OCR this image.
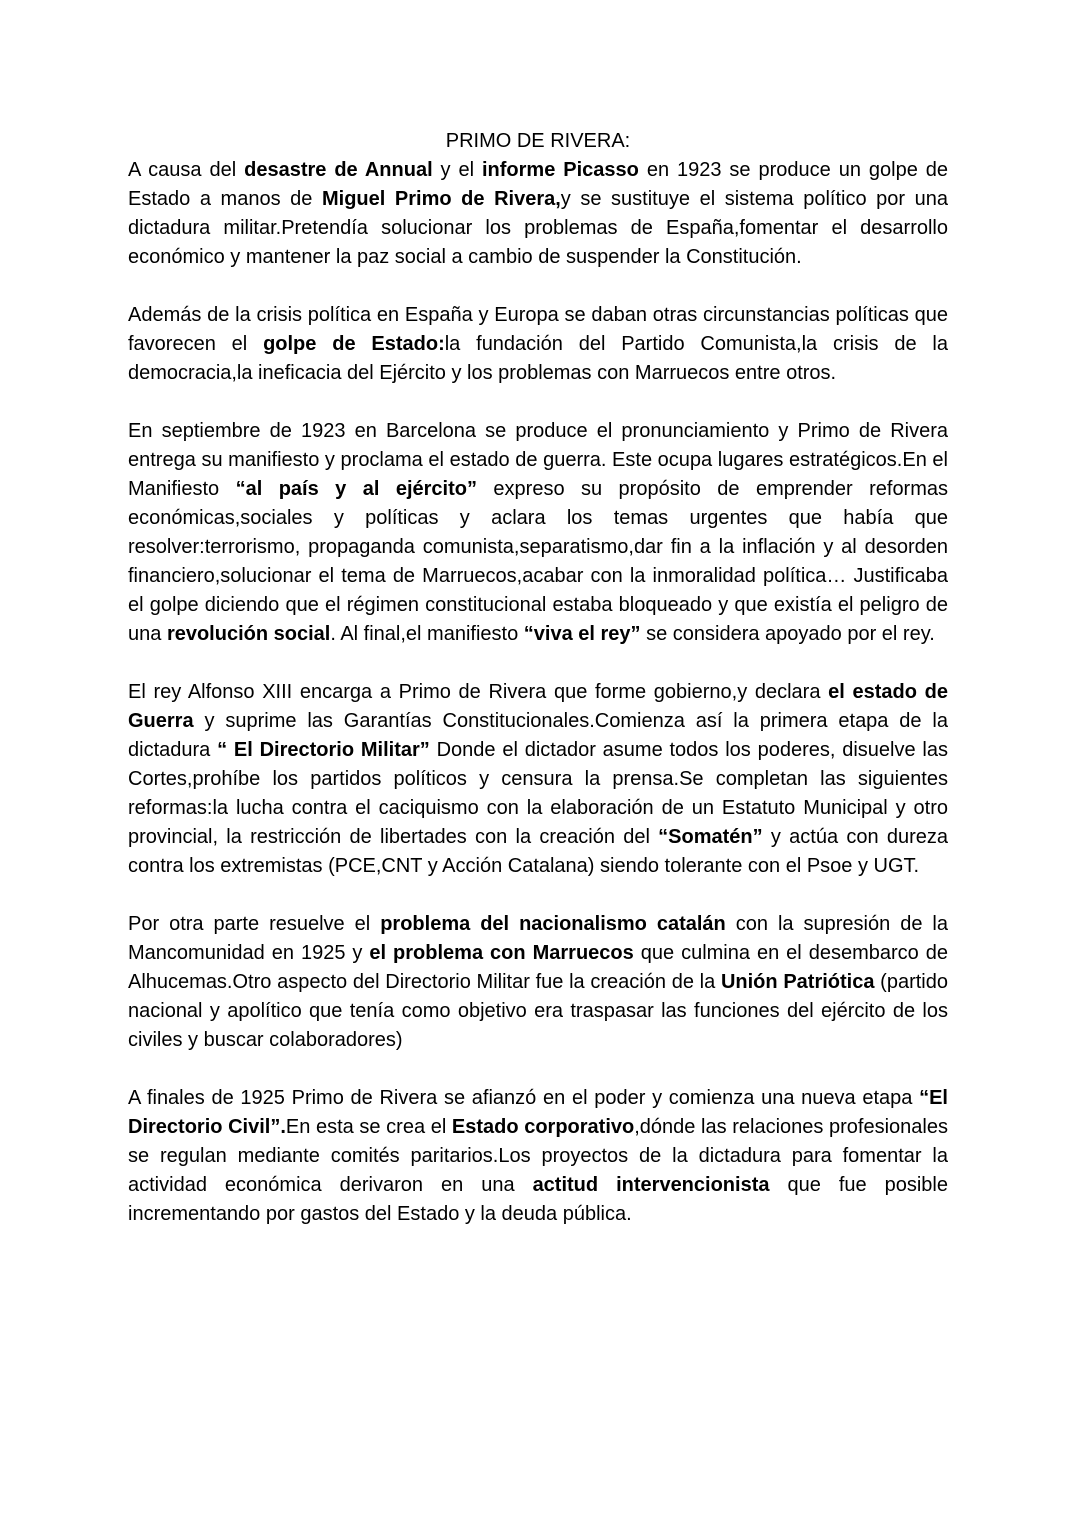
PRIMO DE RIVERA:

A causa del desastre de Annual y el informe Picasso en 1923 se produce un golpe de Estado a manos de Miguel Primo de Rivera,y se sustituye el sistema político por una dictadura militar.Pretendía solucionar los problemas de España,fomentar el desarrollo económico y mantener la paz social a cambio de suspender la Constitución.

Además de la crisis política en España y Europa se daban otras circunstancias políticas que favorecen el golpe de Estado:la fundación del Partido Comunista,la crisis de la democracia,la ineficacia del Ejército y los problemas con Marruecos entre otros.

En septiembre de 1923 en Barcelona se produce el pronunciamiento y Primo de Rivera entrega su manifiesto y proclama el estado de guerra. Este ocupa lugares estratégicos.En el Manifiesto “al país y al ejército” expreso su propósito de emprender reformas económicas,sociales y políticas y aclara los temas urgentes que había que resolver:terrorismo, propaganda comunista,separatismo,dar fin a la inflación y al desorden financiero,solucionar el tema de Marruecos,acabar con la inmoralidad política… Justificaba el golpe diciendo que el régimen constitucional estaba bloqueado y que existía el peligro de una revolución social. Al final,el manifiesto “viva el rey” se considera apoyado por el rey.

El rey Alfonso XIII encarga a Primo de Rivera que forme gobierno,y declara el estado de Guerra y suprime las Garantías Constitucionales.Comienza así la primera etapa de la dictadura “ El Directorio Militar” Donde el dictador asume todos los poderes, disuelve las Cortes,prohíbe los partidos políticos y censura la prensa.Se completan las siguientes reformas:la lucha contra el caciquismo con la elaboración de un Estatuto Municipal y otro provincial, la restricción de libertades con la creación del “Somatén” y actúa con dureza contra los extremistas (PCE,CNT y Acción Catalana) siendo tolerante con el Psoe y UGT.

Por otra parte resuelve el problema del nacionalismo catalán con la supresión de la Mancomunidad en 1925 y el problema con Marruecos que culmina en el desembarco de Alhucemas.Otro aspecto del Directorio Militar fue la creación de la Unión Patriótica (partido nacional y apolítico que tenía como objetivo era traspasar las funciones del ejército de los civiles y buscar colaboradores)

A finales de 1925 Primo de Rivera se afianzó en el poder y comienza una nueva etapa “El Directorio Civil”.En esta se crea el Estado corporativo,dónde las relaciones profesionales se regulan mediante comités paritarios.Los proyectos de la dictadura para fomentar la actividad económica derivaron en una actitud intervencionista que fue posible incrementando por gastos del Estado y la deuda pública.
